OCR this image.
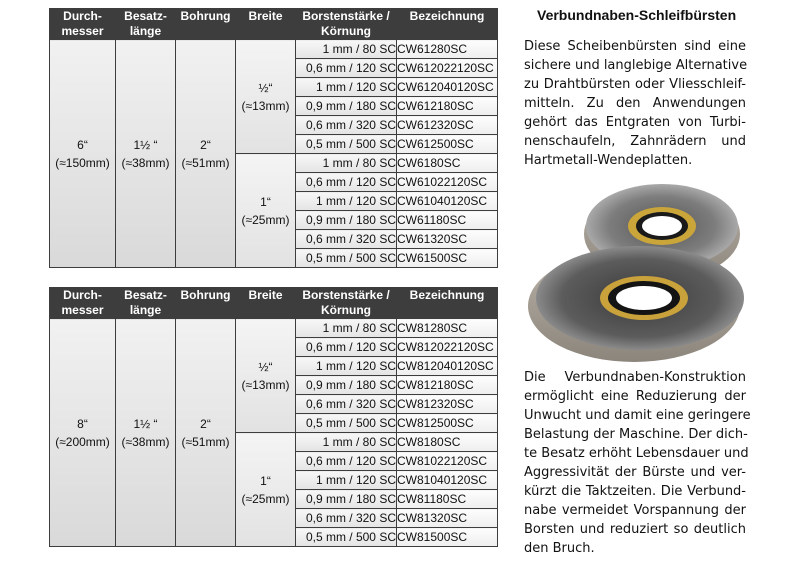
Durch-
messer	Besatz-
länge	Bohrung	Breite	Borstenstärke /
Körnung	Bezeichnung

6“
(≈150mm)	1½ “
(≈38mm)	2“
(≈51mm)	½“
(≈13mm)	1 mm / 80 SC	CW61280SC
				0,6 mm / 120 SC	CW612022120SC
				1 mm / 120 SC	CW612040120SC
				0,9 mm / 180 SC	CW612180SC
				0,6 mm / 320 SC	CW612320SC
				0,5 mm / 500 SC	CW612500SC

			1“
(≈25mm)	1 mm / 80 SC	CW6180SC
				0,6 mm / 120 SC	CW61022120SC
				1 mm / 120 SC	CW61040120SC
				0,9 mm / 180 SC	CW61180SC
				0,6 mm / 320 SC	CW61320SC
				0,5 mm / 500 SC	CW61500SC
Durch-
messer	Besatz-
länge	Bohrung	Breite	Borstenstärke /
Körnung	Bezeichnung

8“
(≈200mm)	1½ “
(≈38mm)	2“
(≈51mm)	½“
(≈13mm)	1 mm / 80 SC	CW81280SC
				0,6 mm / 120 SC	CW812022120SC
				1 mm / 120 SC	CW812040120SC
				0,9 mm / 180 SC	CW812180SC
				0,6 mm / 320 SC	CW812320SC
				0,5 mm / 500 SC	CW812500SC

			1“
(≈25mm)	1 mm / 80 SC	CW8180SC
				0,6 mm / 120 SC	CW81022120SC
				1 mm / 120 SC	CW81040120SC
				0,9 mm / 180 SC	CW81180SC
				0,6 mm / 320 SC	CW81320SC
				0,5 mm / 500 SC	CW81500SC
Verbundnaben-Schleifbürsten
Diese Scheibenbürsten sind eine
sichere und langlebige Alternative
zu Drahtbürsten oder Vliesschleif-
mitteln. Zu den Anwendungen
gehört das Entgraten von Turbi-
nenschaufeln, Zahnrädern und
Hartmetall-Wendeplatten.
Die Verbundnaben-Konstruktion
ermöglicht eine Reduzierung der
Unwucht und damit eine geringere
Belastung der Maschine. Der dich-
te Besatz erhöht Lebensdauer und
Aggressivität der Bürste und ver-
kürzt die Taktzeiten. Die Verbund-
nabe vermeidet Vorspannung der
Borsten und reduziert so deutlich
den Bruch.
